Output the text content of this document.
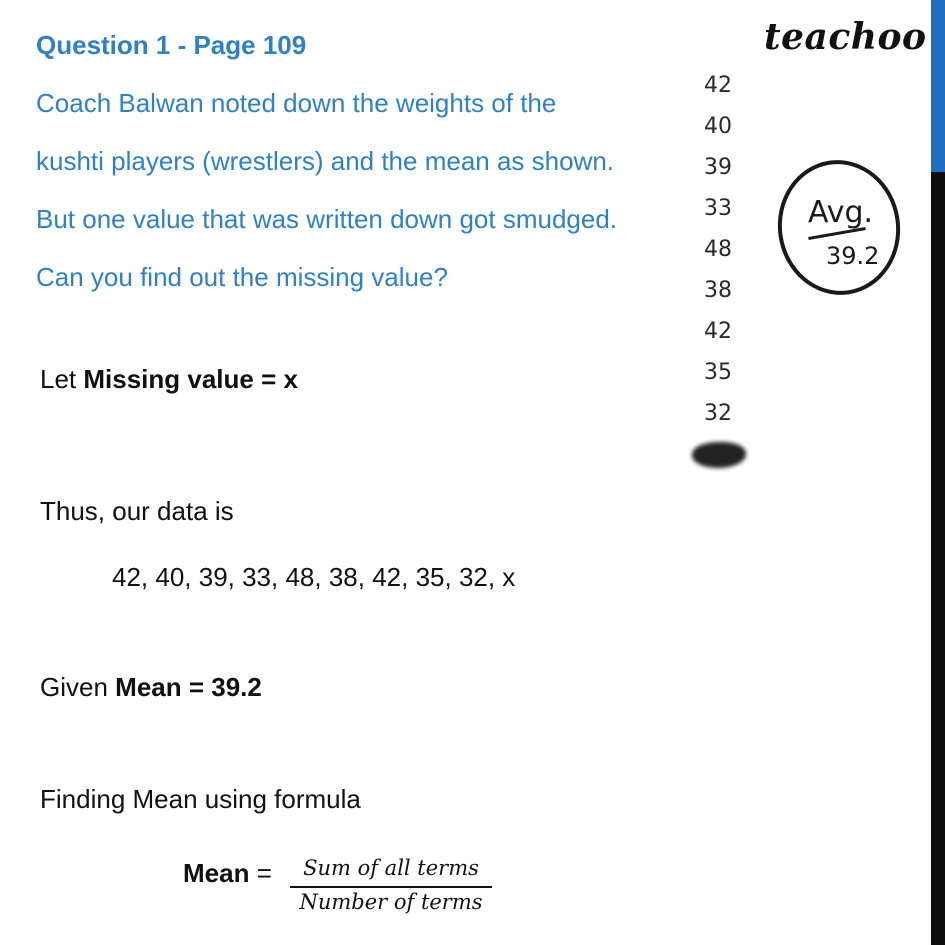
teachoo
Question 1 - Page 109
Coach Balwan noted down the weights of the
kushti players (wrestlers) and the mean as shown.
But one value that was written down got smudged.
Can you find out the missing value?
42
40
39
33
48
38
42
35
32
Avg.
39.2
Let Missing value = x
Thus, our data is
42, 40, 39, 33, 48, 38, 42, 35, 32, x
Given Mean = 39.2
Finding Mean using formula
Mean =	Sum of all terms
Number of terms
